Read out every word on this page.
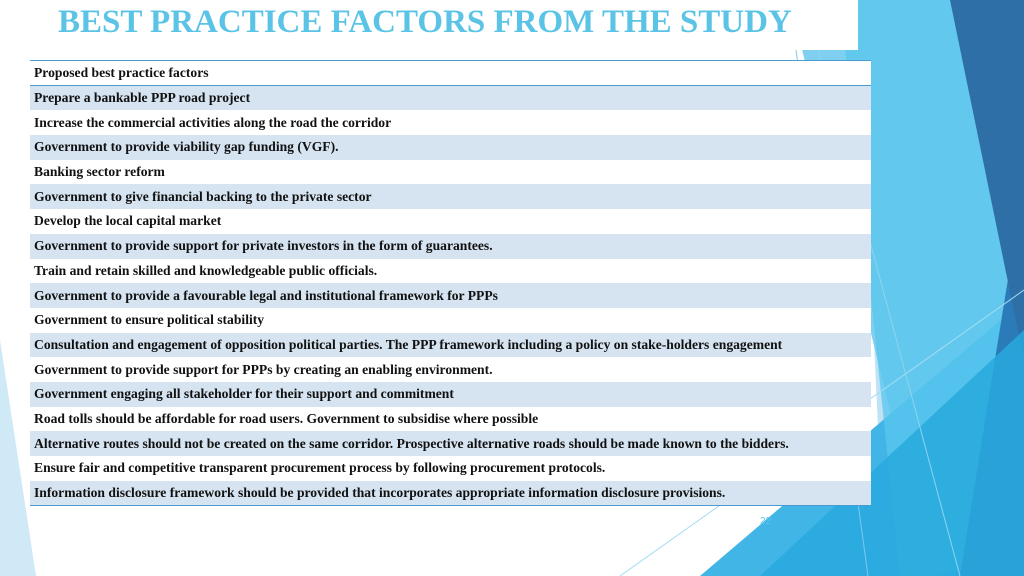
BEST PRACTICE FACTORS FROM THE STUDY
Proposed best practice factors
Prepare a bankable PPP road project
Increase the commercial activities along the road the corridor
Government to provide viability gap funding (VGF).
Banking sector reform
Government to give financial backing to the private sector
Develop the local capital market
Government to provide support for private investors in the form of guarantees.
Train and retain skilled and knowledgeable public officials.
Government to provide a favourable legal and institutional framework for PPPs
Government to ensure political stability
Consultation and engagement of opposition political parties. The PPP framework including a policy on stake-holders engagement
Government to provide support for PPPs by creating an enabling environment.
Government engaging all stakeholder for their support and commitment
Road tolls should be affordable for road users. Government to subsidise where possible
Alternative routes should not be created on the same corridor. Prospective alternative roads should be made known to the bidders.
Ensure fair and competitive transparent procurement process by following procurement protocols.
Information disclosure framework should be provided that incorporates appropriate information disclosure provisions.
22
